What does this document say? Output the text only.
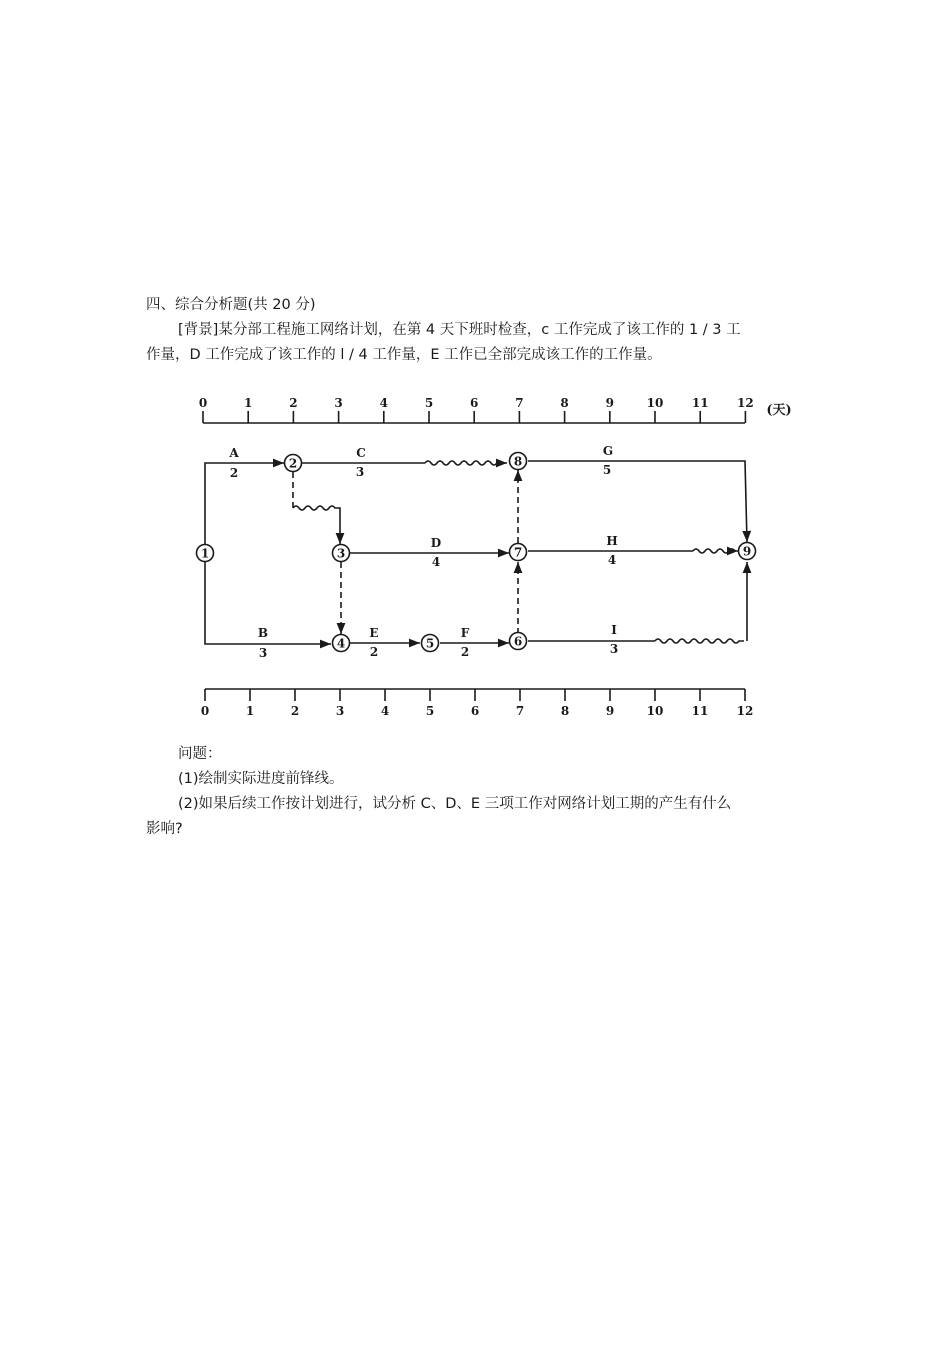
四、综合分析题(共 20 分)
[背景]某分部工程施工网络计划，在第 4 天下班时检查，c 工作完成了该工作的 1 / 3 工
作量，D 工作完成了该工作的 l / 4 工作量，E 工作已全部完成该工作的工作量。
0	1	2	3	4	5	6	7	8	9	10 11 12 (天)
0	1	2	3	4	5	6	7	8	9	10 11 12
A
2
B
3
C
3
D
4
E
2
F
2
G
5
H
4
I
3
1
2
3
4	5	6
7
8
9
问题：
(1)绘制实际进度前锋线。
(2)如果后续工作按计划进行，试分析 C、D、E 三项工作对网络计划工期的产生有什么
影响?
